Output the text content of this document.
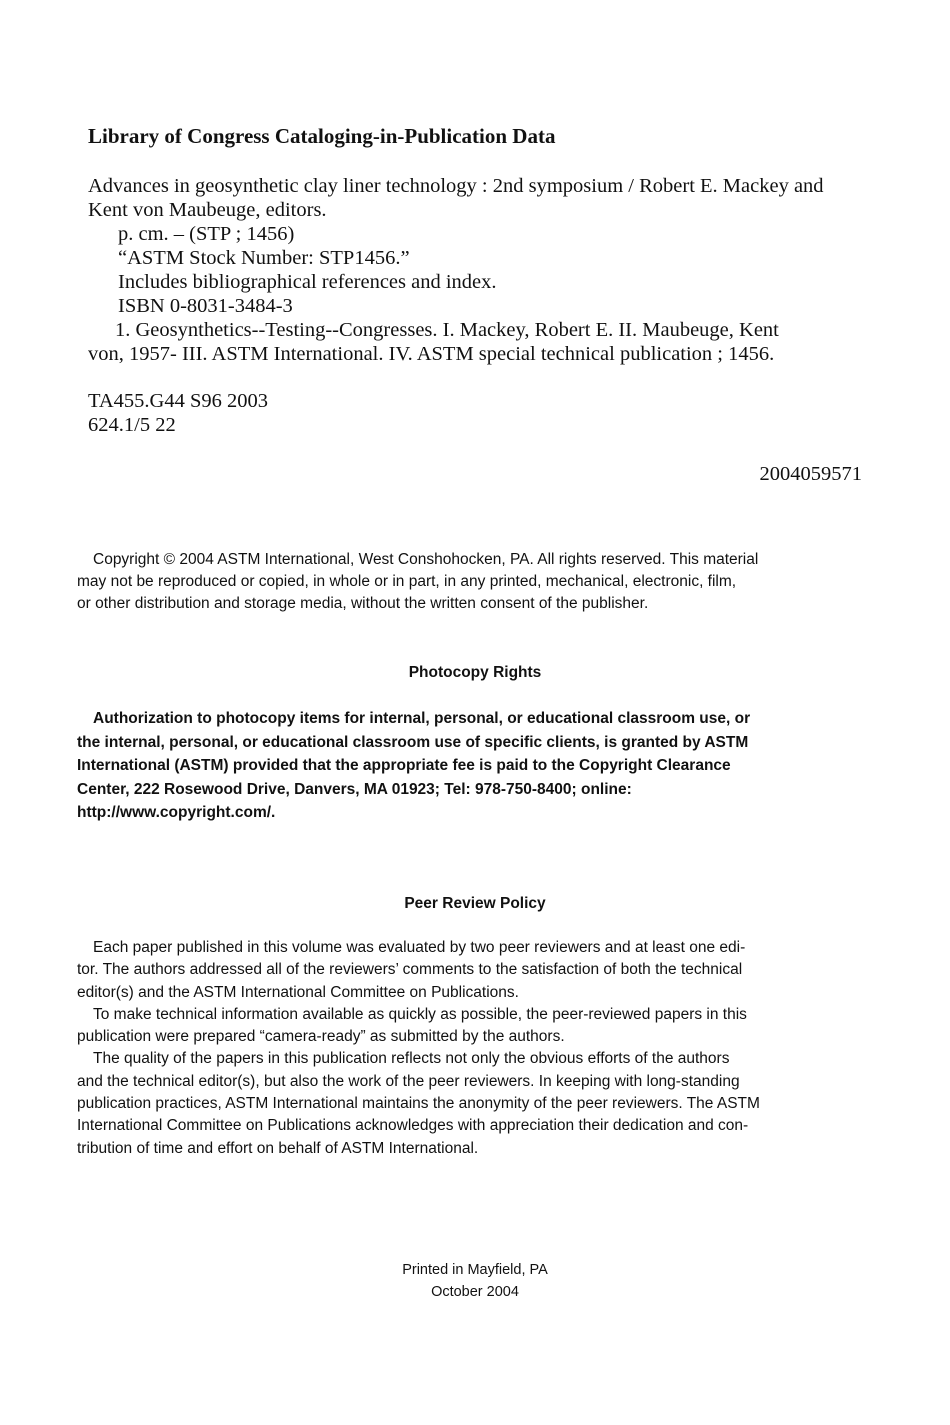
Library of Congress Cataloging-in-Publication Data

Advances in geosynthetic clay liner technology : 2nd symposium / Robert E. Mackey and

Kent von Maubeuge, editors.

p. cm. – (STP ; 1456)

“ASTM Stock Number: STP1456.”

Includes bibliographical references and index.

ISBN 0-8031-3484-3

1. Geosynthetics--Testing--Congresses. I. Mackey, Robert E. II. Maubeuge, Kent

von, 1957- III. ASTM International. IV. ASTM special technical publication ; 1456.

TA455.G44 S96 2003

624.1/5 22

2004059571

Copyright © 2004 ASTM International, West Conshohocken, PA. All rights reserved. This material

may not be reproduced or copied, in whole or in part, in any printed, mechanical, electronic, film,

or other distribution and storage media, without the written consent of the publisher.

Photocopy Rights

Authorization to photocopy items for internal, personal, or educational classroom use, or

the internal, personal, or educational classroom use of specific clients, is granted by ASTM

International (ASTM) provided that the appropriate fee is paid to the Copyright Clearance

Center, 222 Rosewood Drive, Danvers, MA 01923; Tel: 978-750-8400; online:

http://www.copyright.com/.

Peer Review Policy

Each paper published in this volume was evaluated by two peer reviewers and at least one edi-

tor. The authors addressed all of the reviewers’ comments to the satisfaction of both the technical

editor(s) and the ASTM International Committee on Publications.

To make technical information available as quickly as possible, the peer-reviewed papers in this

publication were prepared “camera-ready” as submitted by the authors.

The quality of the papers in this publication reflects not only the obvious efforts of the authors

and the technical editor(s), but also the work of the peer reviewers. In keeping with long-standing

publication practices, ASTM International maintains the anonymity of the peer reviewers. The ASTM

International Committee on Publications acknowledges with appreciation their dedication and con-

tribution of time and effort on behalf of ASTM International.

Printed in Mayfield, PA
October 2004
